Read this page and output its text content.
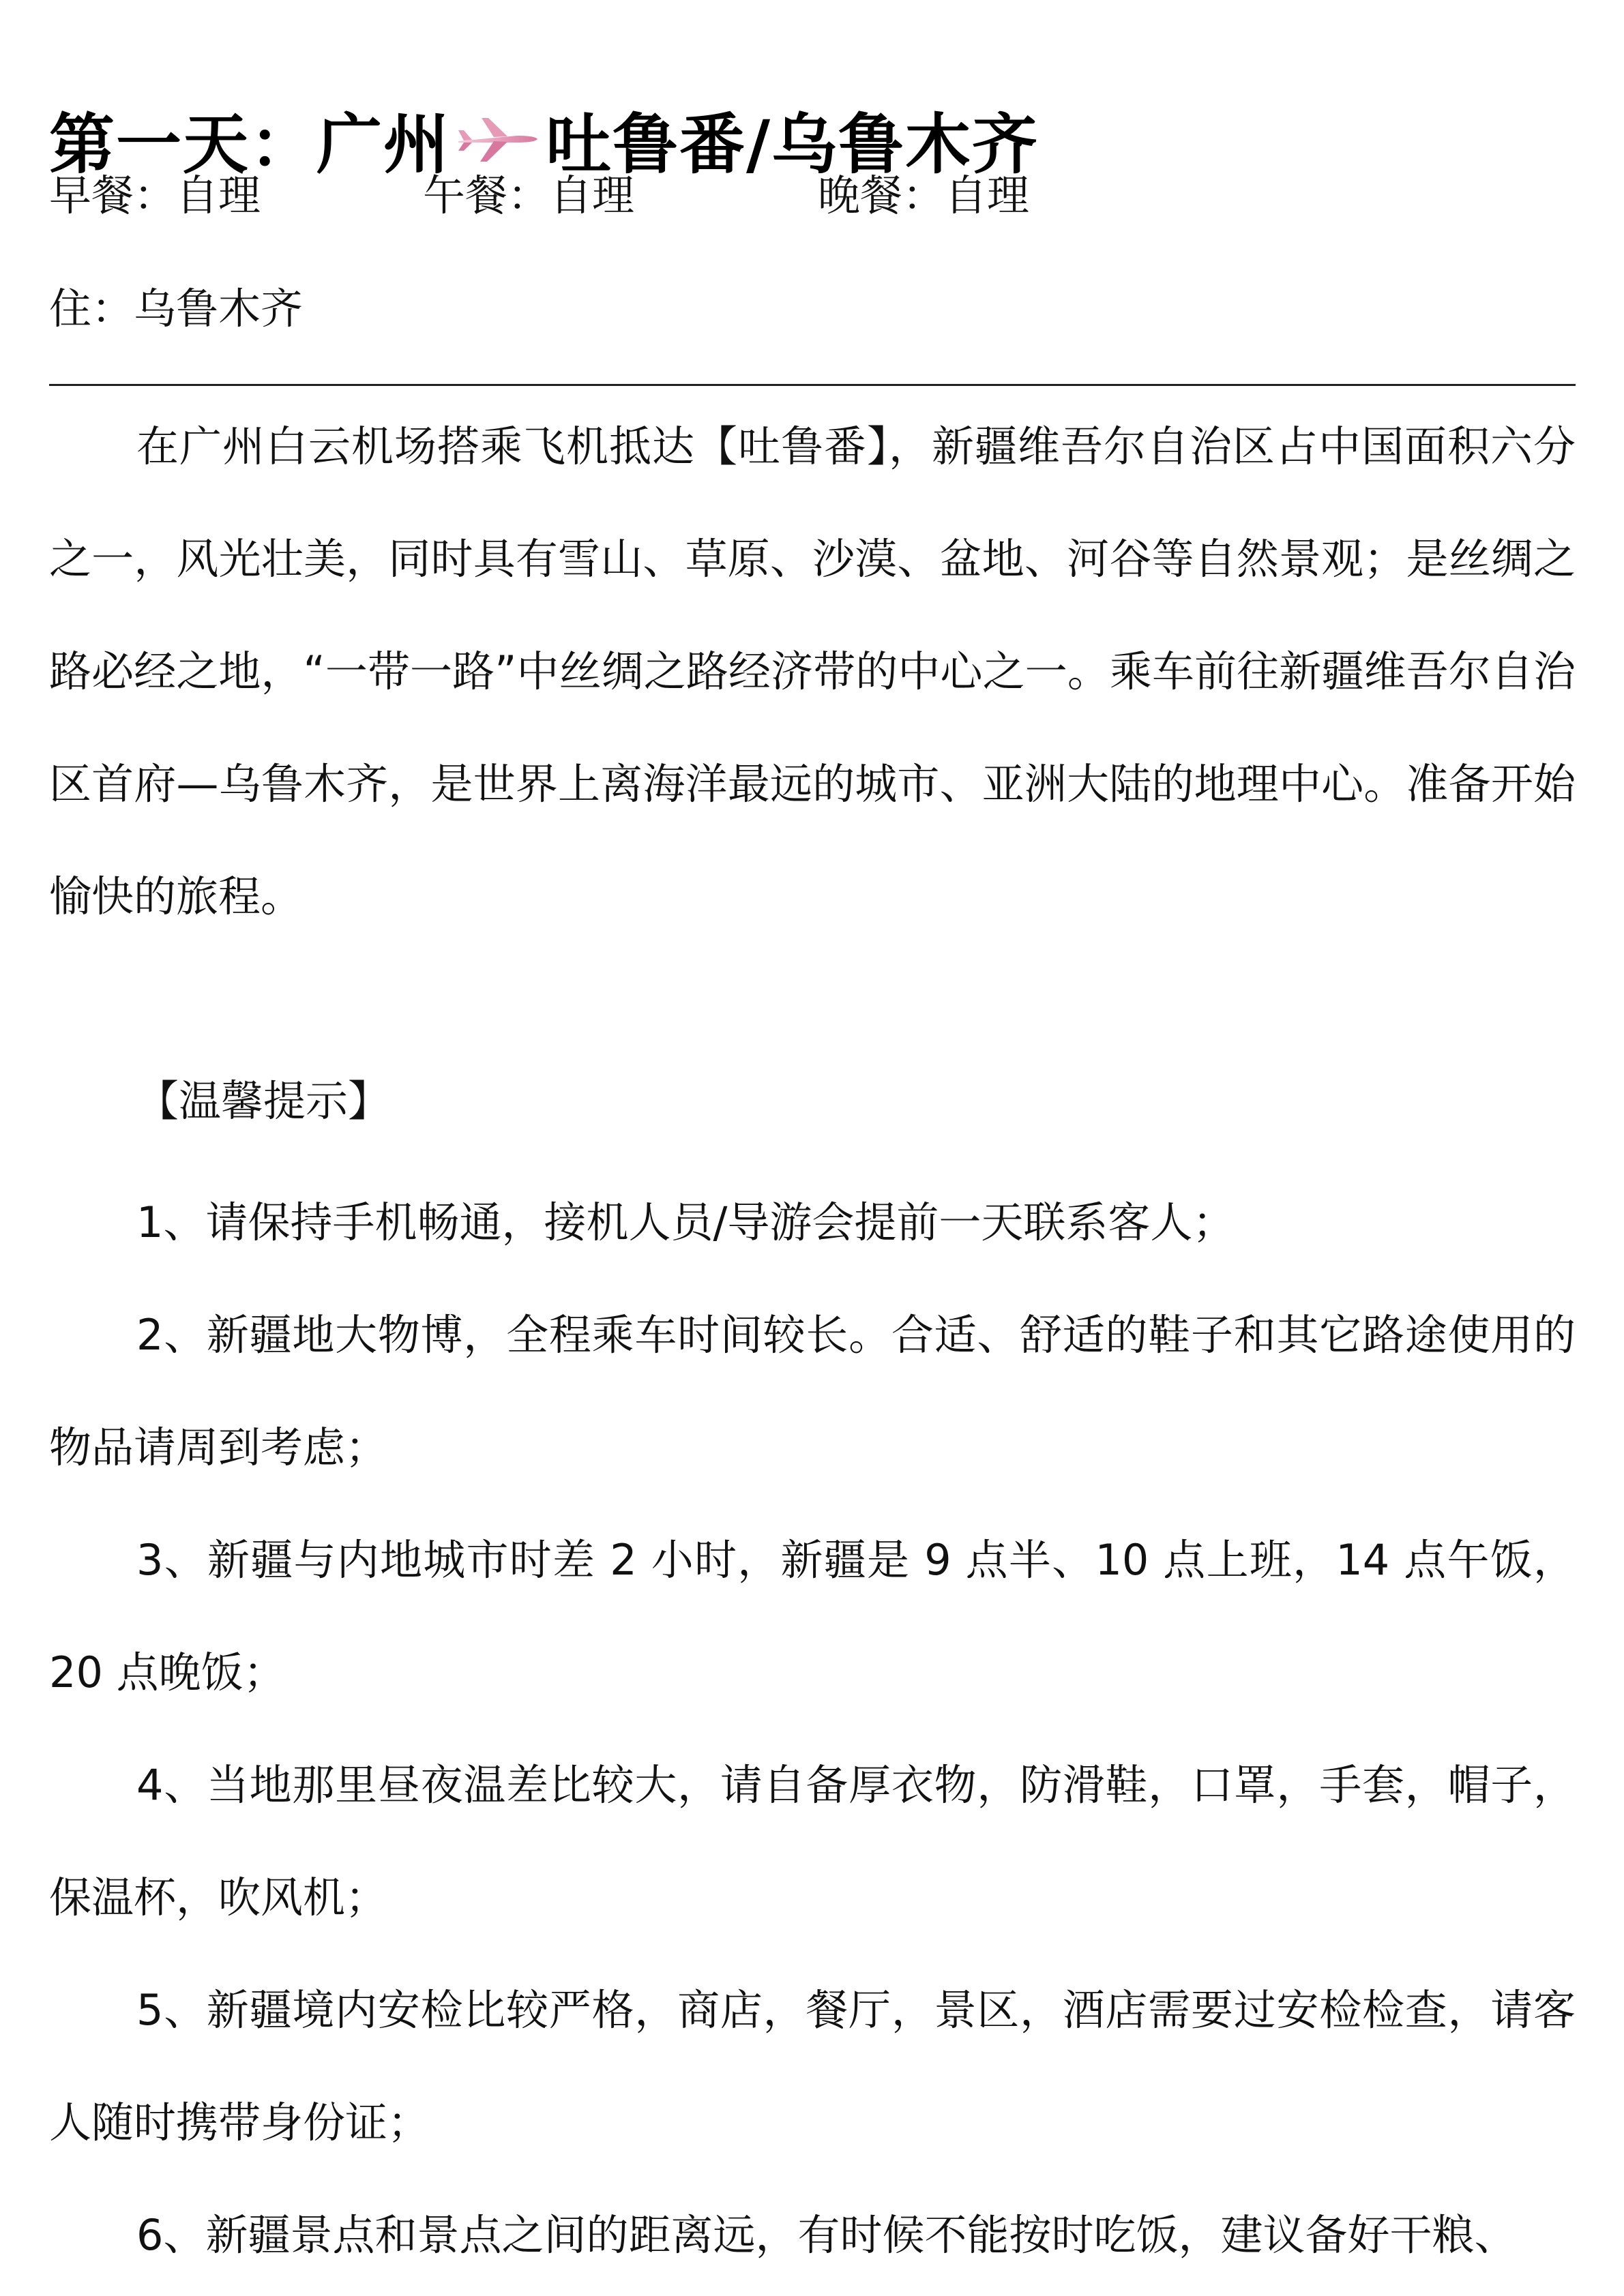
第一天：广州 吐鲁番/乌鲁木齐
早餐：自理	午餐：自理	晚餐：自理
住：乌鲁木齐

在广州白云机场搭乘飞机抵达【吐鲁番】，新疆维吾尔自治区占中国面积六分之一，风光壮美，同时具有雪山、草原、沙漠、盆地、河谷等自然景观；是丝绸之路必经之地，“一带一路”中丝绸之路经济带的中心之一。乘车前往新疆维吾尔自治区首府—乌鲁木齐，是世界上离海洋最远的城市、亚洲大陆的地理中心。准备开始愉快的旅程。

【温馨提示】
1、请保持手机畅通，接机人员/导游会提前一天联系客人；
2、新疆地大物博，全程乘车时间较长。合适、舒适的鞋子和其它路途使用的物品请周到考虑；
3、新疆与内地城市时差 2 小时，新疆是 9 点半、10 点上班，14 点午饭，20 点晚饭；
4、当地那里昼夜温差比较大，请自备厚衣物，防滑鞋，口罩，手套，帽子，保温杯，吹风机；
5、新疆境内安检比较严格，商店，餐厅，景区，酒店需要过安检检查，请客人随时携带身份证；
6、新疆景点和景点之间的距离远，有时候不能按时吃饭，建议备好干粮、
